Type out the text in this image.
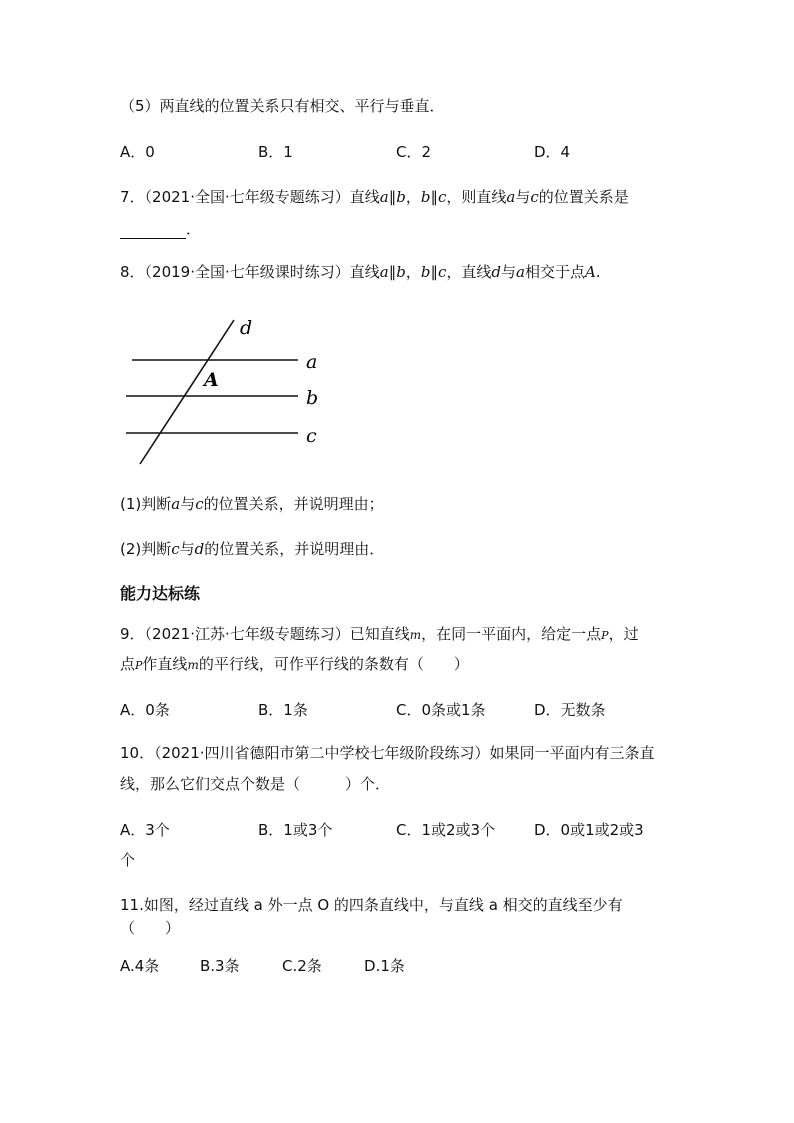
（5）两直线的位置关系只有相交、平行与垂直．
A．0	B．1	C．2	D．4
7．（2021·全国·七年级专题练习）直线a∥b，b∥c，则直线a与c的位置关系是
．
8．（2019·全国·七年级课时练习）直线a∥b，b∥c，直线d与a相交于点A.
d
a
A
b
c
(1)判断a与c的位置关系，并说明理由；
(2)判断c与d的位置关系，并说明理由．
能力达标练
9．（2021·江苏·七年级专题练习）已知直线m，在同一平面内，给定一点P，过
点P作直线m的平行线，可作平行线的条数有（　　）
A．0条	B．1条	C．0条或1条	D．无数条
10．（2021·四川省德阳市第二中学校七年级阶段练习）如果同一平面内有三条直
线，那么它们交点个数是（　　　）个．
A．3个	B．1或3个	C．1或2或3个	D．0或1或2或3
个
11.如图，经过直线 a 外一点 O 的四条直线中，与直线 a 相交的直线至少有
（　　）
A.4条	B.3条	C.2条	D.1条
